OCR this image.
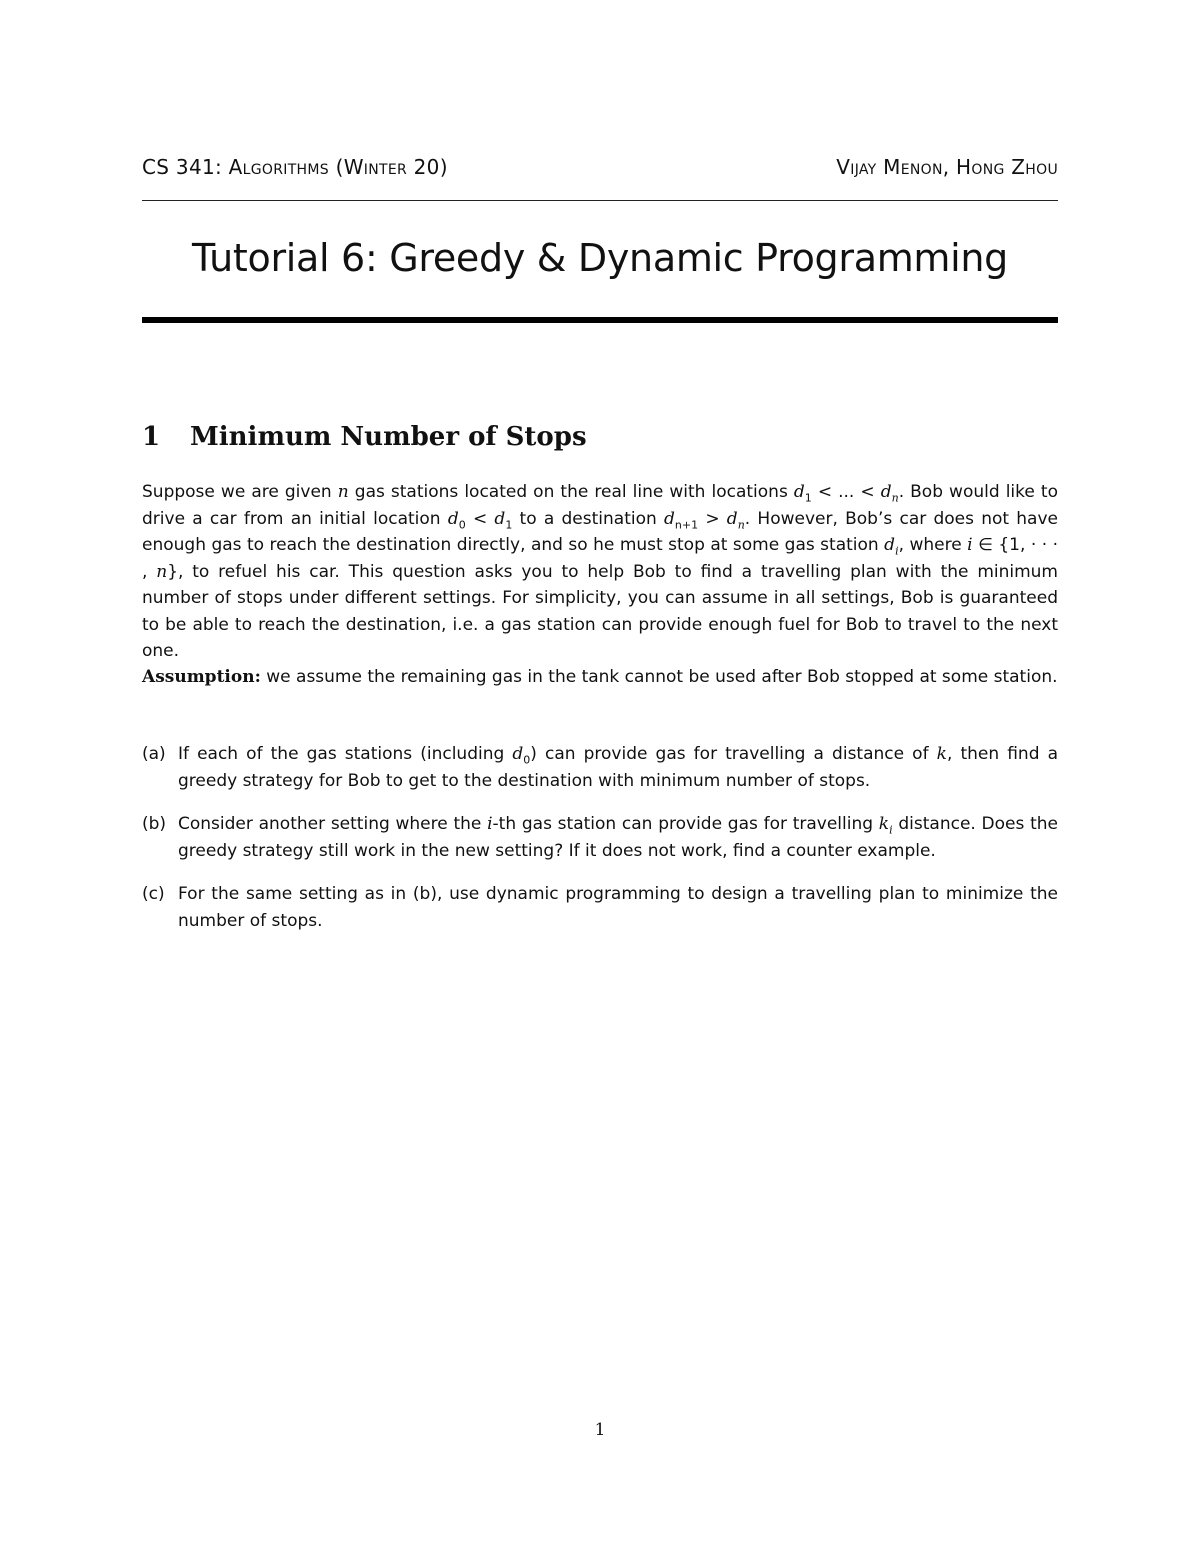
CS 341: Algorithms (Winter 20)	Vijay Menon, Hong Zhou
Tutorial 6: Greedy & Dynamic Programming
1 Minimum Number of Stops
Suppose we are given n gas stations located on the real line with locations $d_1$ < ... < $d_n$. Bob would like to drive a car from an initial location $d_0 < d_1$ to a destination $d_{n+1} > d_n$. However, Bob’s car does not have enough gas to reach the destination directly, and so he must stop at some gas station $d_i$, where i ∈ {1, · · · , n}, to refuel his car. This question asks you to help Bob to find a travelling plan with the minimum number of stops under different settings. For simplicity, you can assume in all settings, Bob is guaranteed to be able to reach the destination, i.e. a gas station can provide enough fuel for Bob to travel to the next one.
Assumption: we assume the remaining gas in the tank cannot be used after Bob stopped at some station.
(a) If each of the gas stations (including $d_0$) can provide gas for travelling a distance of k, then find a greedy strategy for Bob to get to the destination with minimum number of stops.
(b) Consider another setting where the i-th gas station can provide gas for travelling $k_i$ distance. Does the greedy strategy still work in the new setting? If it does not work, find a counter example.
(c) For the same setting as in (b), use dynamic programming to design a travelling plan to minimize the number of stops.
1
